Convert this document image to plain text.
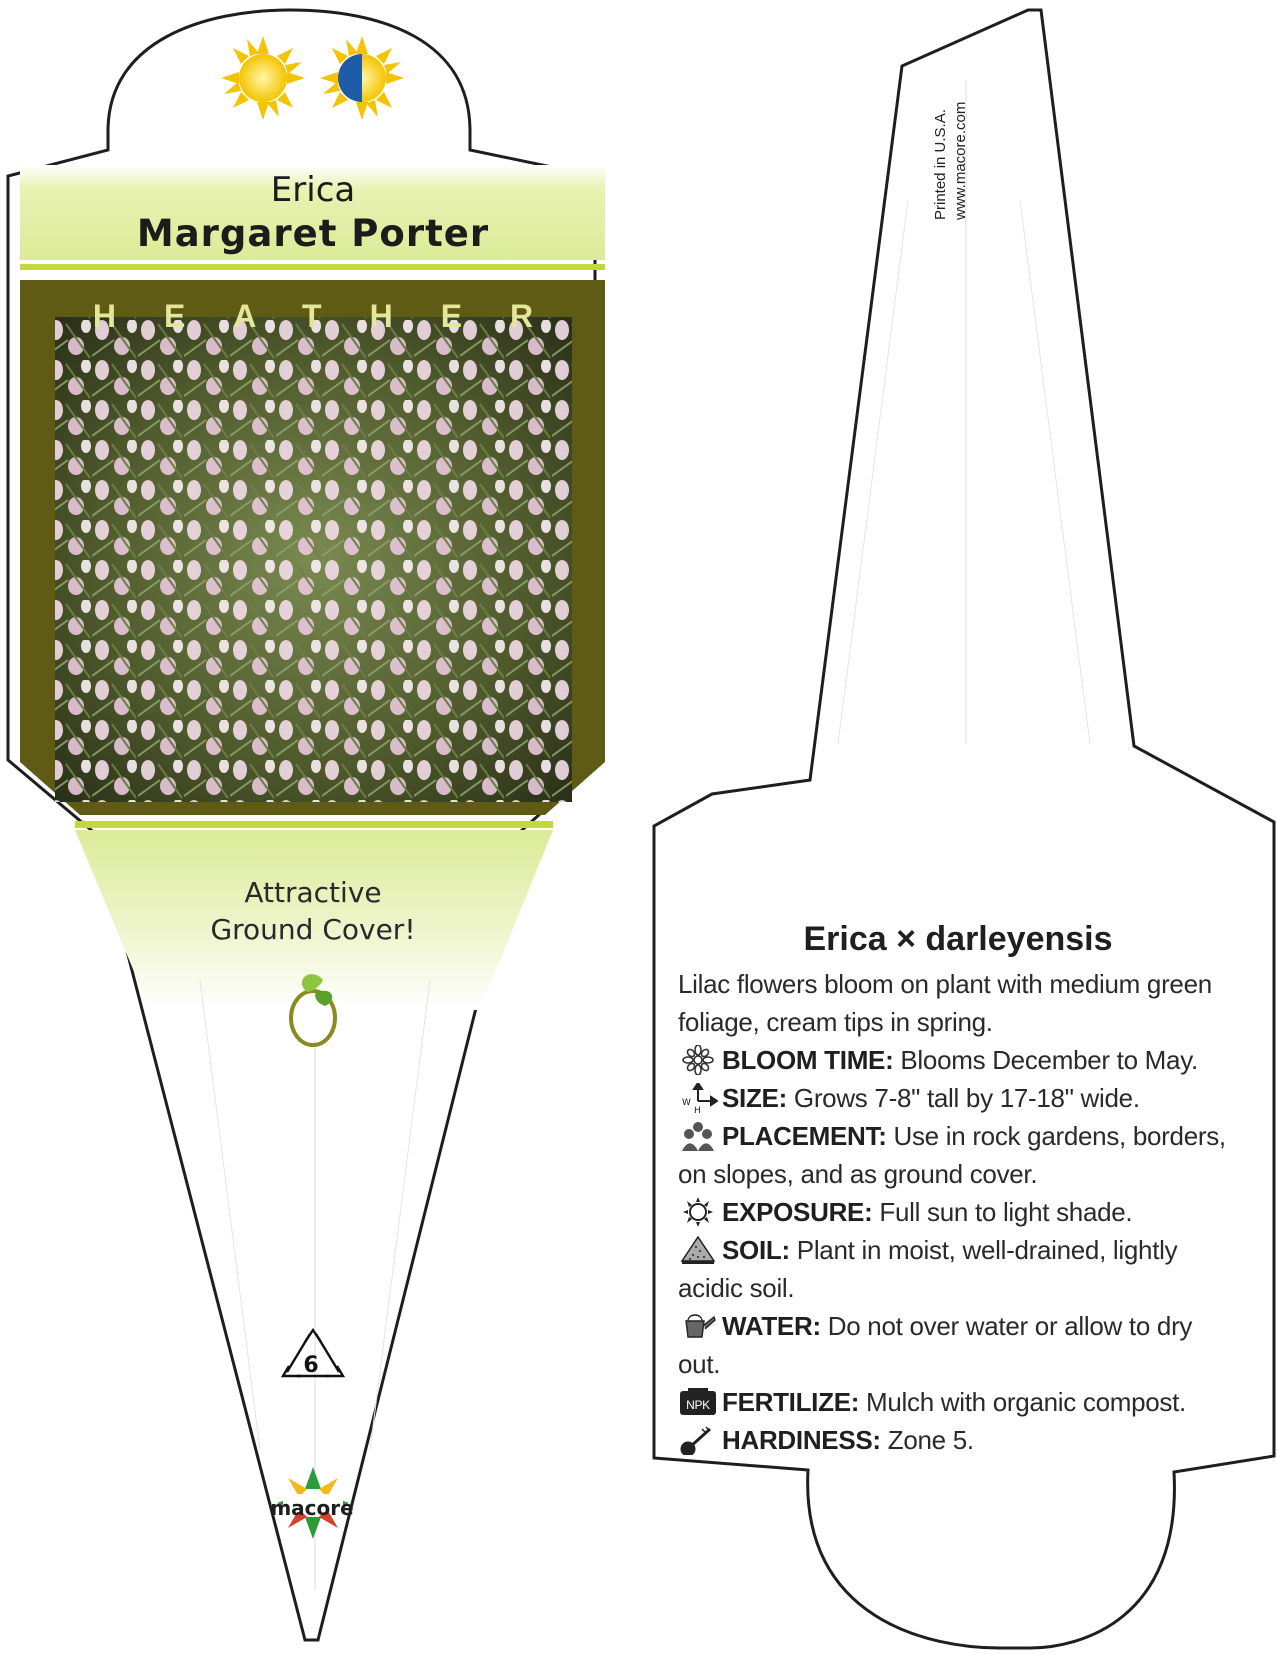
Erica
Margaret Porter
HEATHER
Attractive
Ground Cover!
6
macore
Printed in U.S.A. www.macore.com
Erica × darleyensis

Lilac flowers bloom on plant with medium green foliage, cream tips in spring.

BLOOM TIME: Blooms December to May.
W
H SIZE: Grows 7-8" tall by 17-18" wide.
PLACEMENT: Use in rock gardens, borders, on slopes, and as ground cover.
EXPOSURE: Full sun to light shade.
SOIL: Plant in moist, well-drained, lightly acidic soil.
WATER: Do not over water or allow to dry out.
NPK FERTILIZE: Mulch with organic compost.
HARDINESS: Zone 5.
